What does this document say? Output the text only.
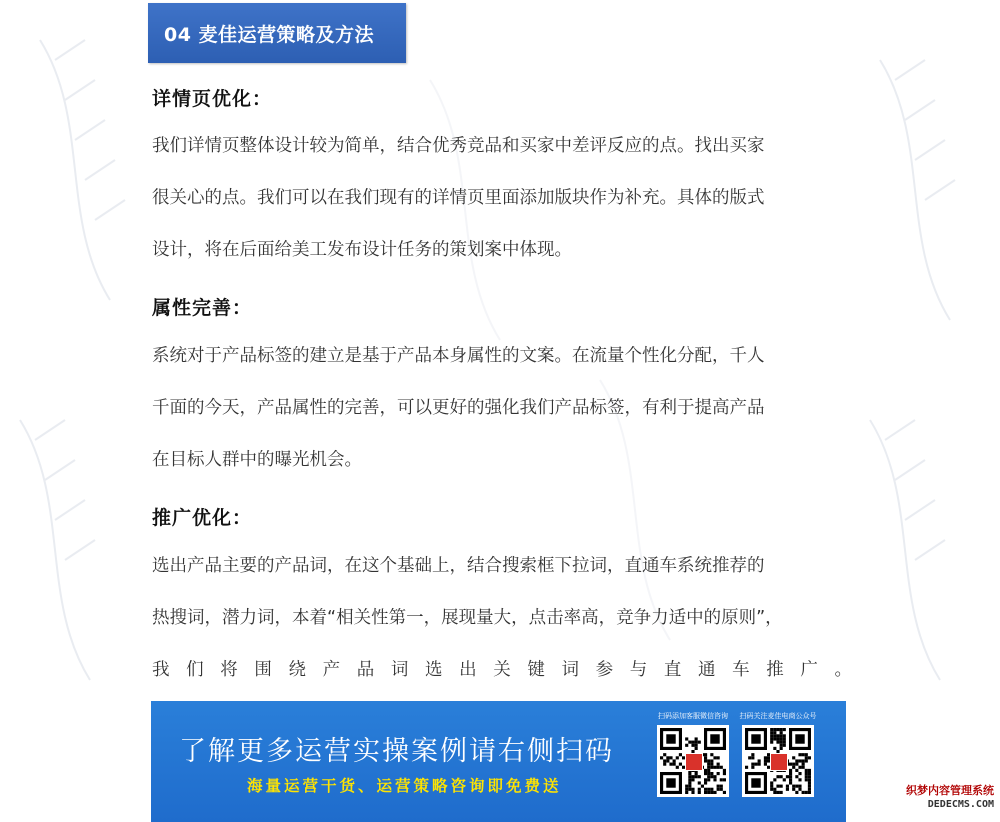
04 麦佳运营策略及方法
详情页优化：
我们详情页整体设计较为简单，结合优秀竞品和买家中差评反应的点。找出买家
很关心的点。我们可以在我们现有的详情页里面添加版块作为补充。具体的版式
设计，将在后面给美工发布设计任务的策划案中体现。
属性完善：
系统对于产品标签的建立是基于产品本身属性的文案。在流量个性化分配，千人
千面的今天，产品属性的完善，可以更好的强化我们产品标签，有利于提高产品
在目标人群中的曝光机会。
推广优化：
选出产品主要的产品词，在这个基础上，结合搜索框下拉词，直通车系统推荐的
热搜词，潜力词，本着“相关性第一，展现量大，点击率高，竞争力适中的原则”，
我们将围绕产品词选出关键词参与直通车推广。
了解更多运营实操案例请右侧扫码
海量运营干货、运营策略咨询即免费送
扫码添加客服微信咨询	扫码关注麦佳电商公众号
织梦内容管理系统
DEDECMS.COM
